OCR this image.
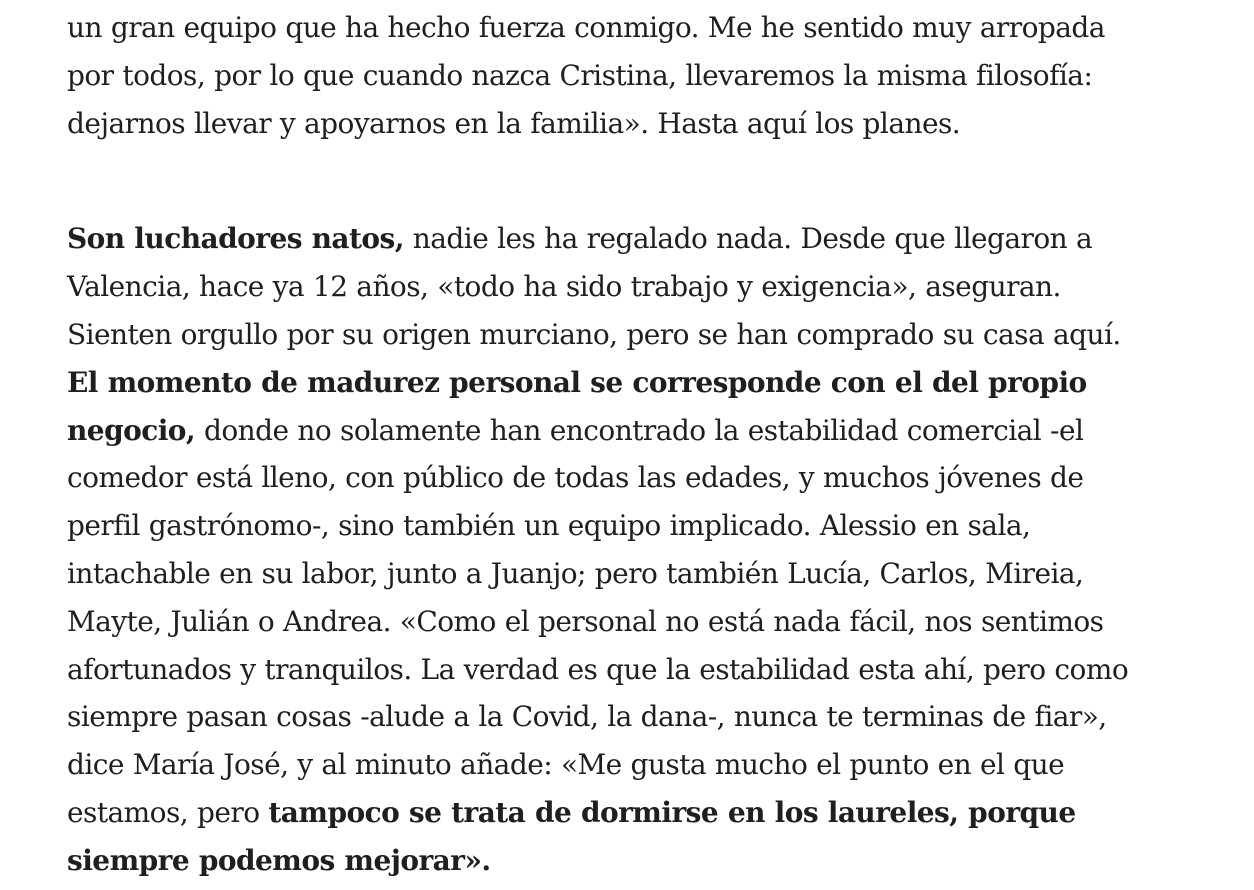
un gran equipo que ha hecho fuerza conmigo. Me he sentido muy arropada
por todos, por lo que cuando nazca Cristina, llevaremos la misma filosofía:
dejarnos llevar y apoyarnos en la familia». Hasta aquí los planes.

Son luchadores natos, nadie les ha regalado nada. Desde que llegaron a
Valencia, hace ya 12 años, «todo ha sido trabajo y exigencia», aseguran.
Sienten orgullo por su origen murciano, pero se han comprado su casa aquí.
El momento de madurez personal se corresponde con el del propio
negocio, donde no solamente han encontrado la estabilidad comercial -el
comedor está lleno, con público de todas las edades, y muchos jóvenes de
perfil gastrónomo-, sino también un equipo implicado. Alessio en sala,
intachable en su labor, junto a Juanjo; pero también Lucía, Carlos, Mireia,
Mayte, Julián o Andrea. «Como el personal no está nada fácil, nos sentimos
afortunados y tranquilos. La verdad es que la estabilidad esta ahí, pero como
siempre pasan cosas -alude a la Covid, la dana-, nunca te terminas de fiar»,
dice María José, y al minuto añade: «Me gusta mucho el punto en el que
estamos, pero tampoco se trata de dormirse en los laureles, porque
siempre podemos mejorar».
